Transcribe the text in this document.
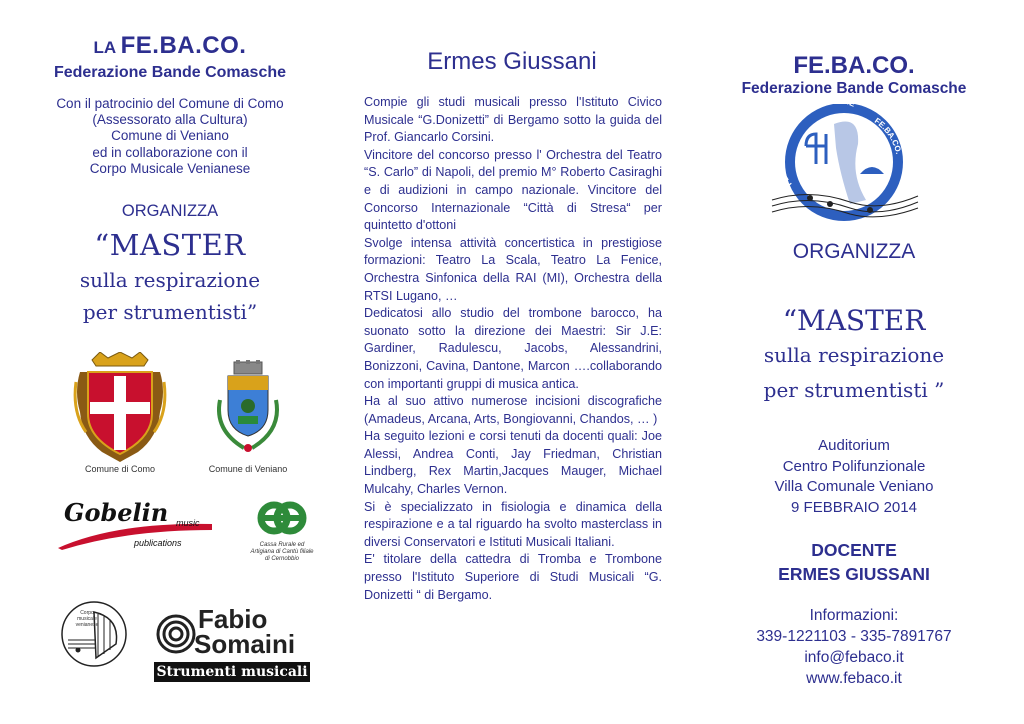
LA FE.BA.CO.
Federazione Bande Comasche
Con il patrocinio del Comune di Como
(Assessorato alla Cultura)
Comune di Veniano
ed in collaborazione con il
Corpo Musicale Venianese
ORGANIZZA
“MASTER
sulla respirazione
per strumentisti”
Comune di Como	Comune di Veniano
Gobelin music
publications	Cassa Rurale ed
Artigiana di Cantù filiale
di Cernobbio
Corpo
musicale
venianese	Fabio
Somaini
Strumenti musicali
Ermes Giussani

Compie gli studi musicali presso l'Istituto Civico Musicale “G.Donizetti” di Bergamo sotto la guida del Prof. Giancarlo Corsini.

Vincitore del concorso presso l' Orchestra del Teatro “S. Carlo” di Napoli, del premio M° Roberto Casiraghi e di audizioni in campo nazionale. Vincitore del Concorso Internazionale “Città di Stresa“ per quintetto d'ottoni

Svolge intensa attività concertistica in prestigiose formazioni: Teatro La Scala, Teatro La Fenice, Orchestra Sinfonica della RAI (MI), Orchestra della RTSI Lugano, …

Dedicatosi allo studio del trombone barocco, ha suonato sotto la direzione dei Maestri: Sir J.E: Gardiner, Radulescu, Jacobs, Alessandrini, Bonizzoni, Cavina, Dantone, Marcon ….collaborando con importanti gruppi di musica antica.

Ha al suo attivo numerose incisioni discografiche (Amadeus, Arcana, Arts, Bongiovanni, Chandos, … )

Ha seguito lezioni e corsi tenuti da docenti quali: Joe Alessi, Andrea Conti, Jay Friedman, Christian Lindberg, Rex Martin,Jacques Mauger, Michael Mulcahy, Charles Vernon.

Si è specializzato in fisiologia e dinamica della respirazione e a tal riguardo ha svolto masterclass in diversi Conservatori e Istituti Musicali Italiani.

E' titolare della cattedra di Tromba e Trombone presso l'Istituto Superiore di Studi Musicali “G. Donizetti “ di Bergamo.

FE.BA.CO.
Federazione Bande Comasche
FEDERAZIONE BANDE
FE.BA.CO.
ORGANIZZA
“MASTER
sulla respirazione
per strumentisti ”
Auditorium
Centro Polifunzionale
Villa Comunale Veniano
9 FEBBRAIO 2014
DOCENTE
ERMES GIUSSANI
Informazioni:
339-1221103 - 335-7891767
info@febaco.it
www.febaco.it
